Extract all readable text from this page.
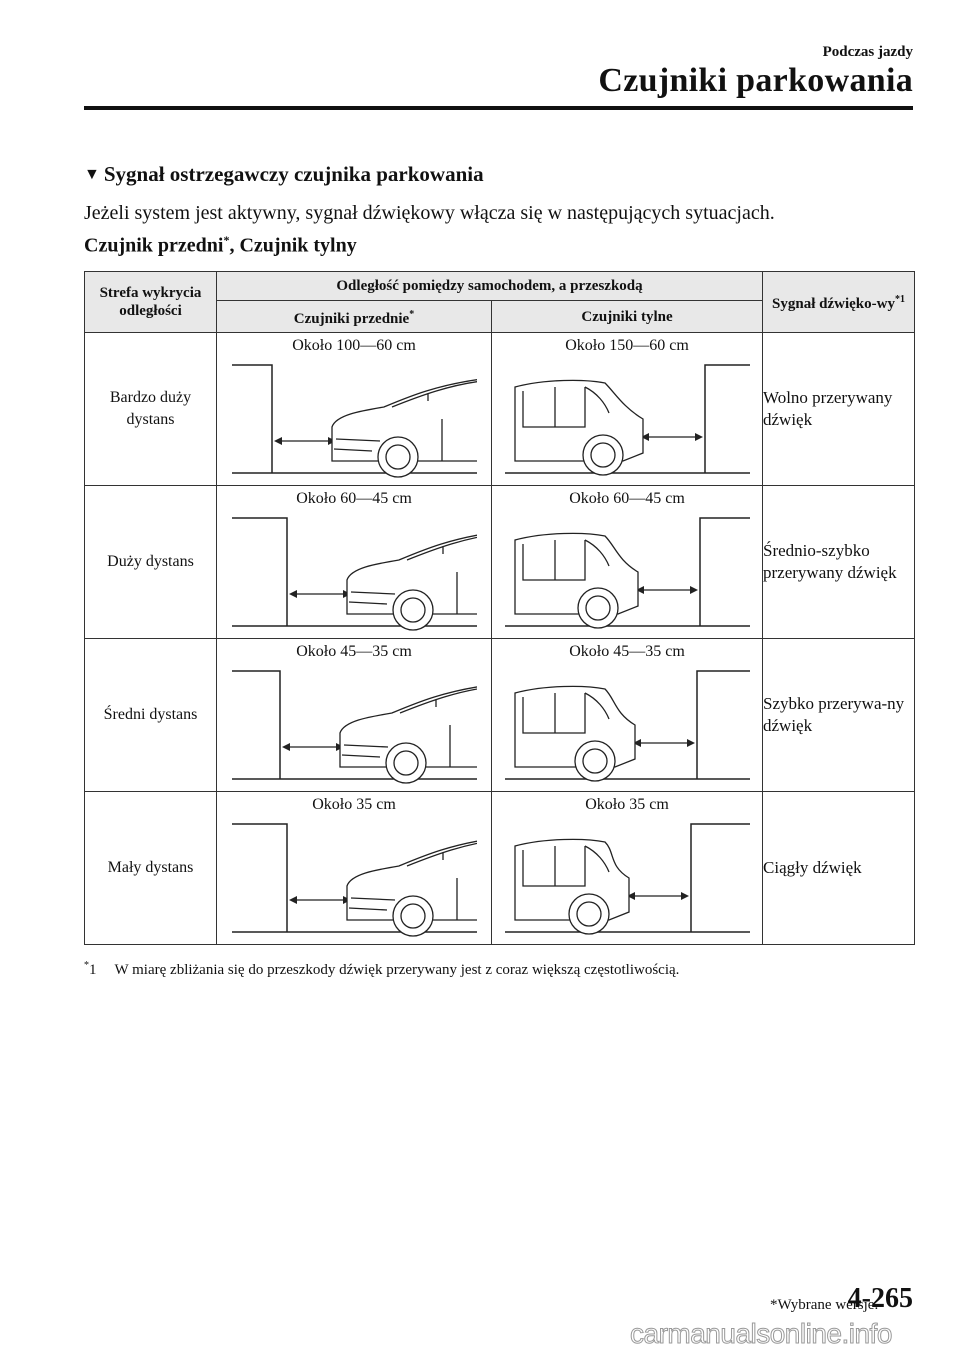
Podczas jazdy
Czujniki parkowania
▼ Sygnał ostrzegawczy czujnika parkowania
Jeżeli system jest aktywny, sygnał dźwiękowy włącza się w następujących sytuacjach.
Czujnik przedni*, Czujnik tylny
Strefa wykrycia odległości	Odległość pomiędzy samochodem, a przeszkodą		Sygnał dźwięko-$wy^{*1}$
	Czujniki przednie*	Czujniki tylne	
Bardzo duży dystans	Około 100—60 cm	Około 150—60 cm	Wolno przerywany dźwięk
Duży dystans	Około 60—45 cm	Około 60—45 cm	Średnio-szybko przerywany dźwięk
Średni dystans	Około 45—35 cm	Około 45—35 cm	Szybko przerywa-ny dźwięk
Mały dystans	Około 35 cm	Około 35 cm	Ciągły dźwięk
*1 W miarę zbliżania się do przeszkody dźwięk przerywany jest z coraz większą częstotliwością.
*Wybrane wersje.
4-265
carmanualsonline.info
